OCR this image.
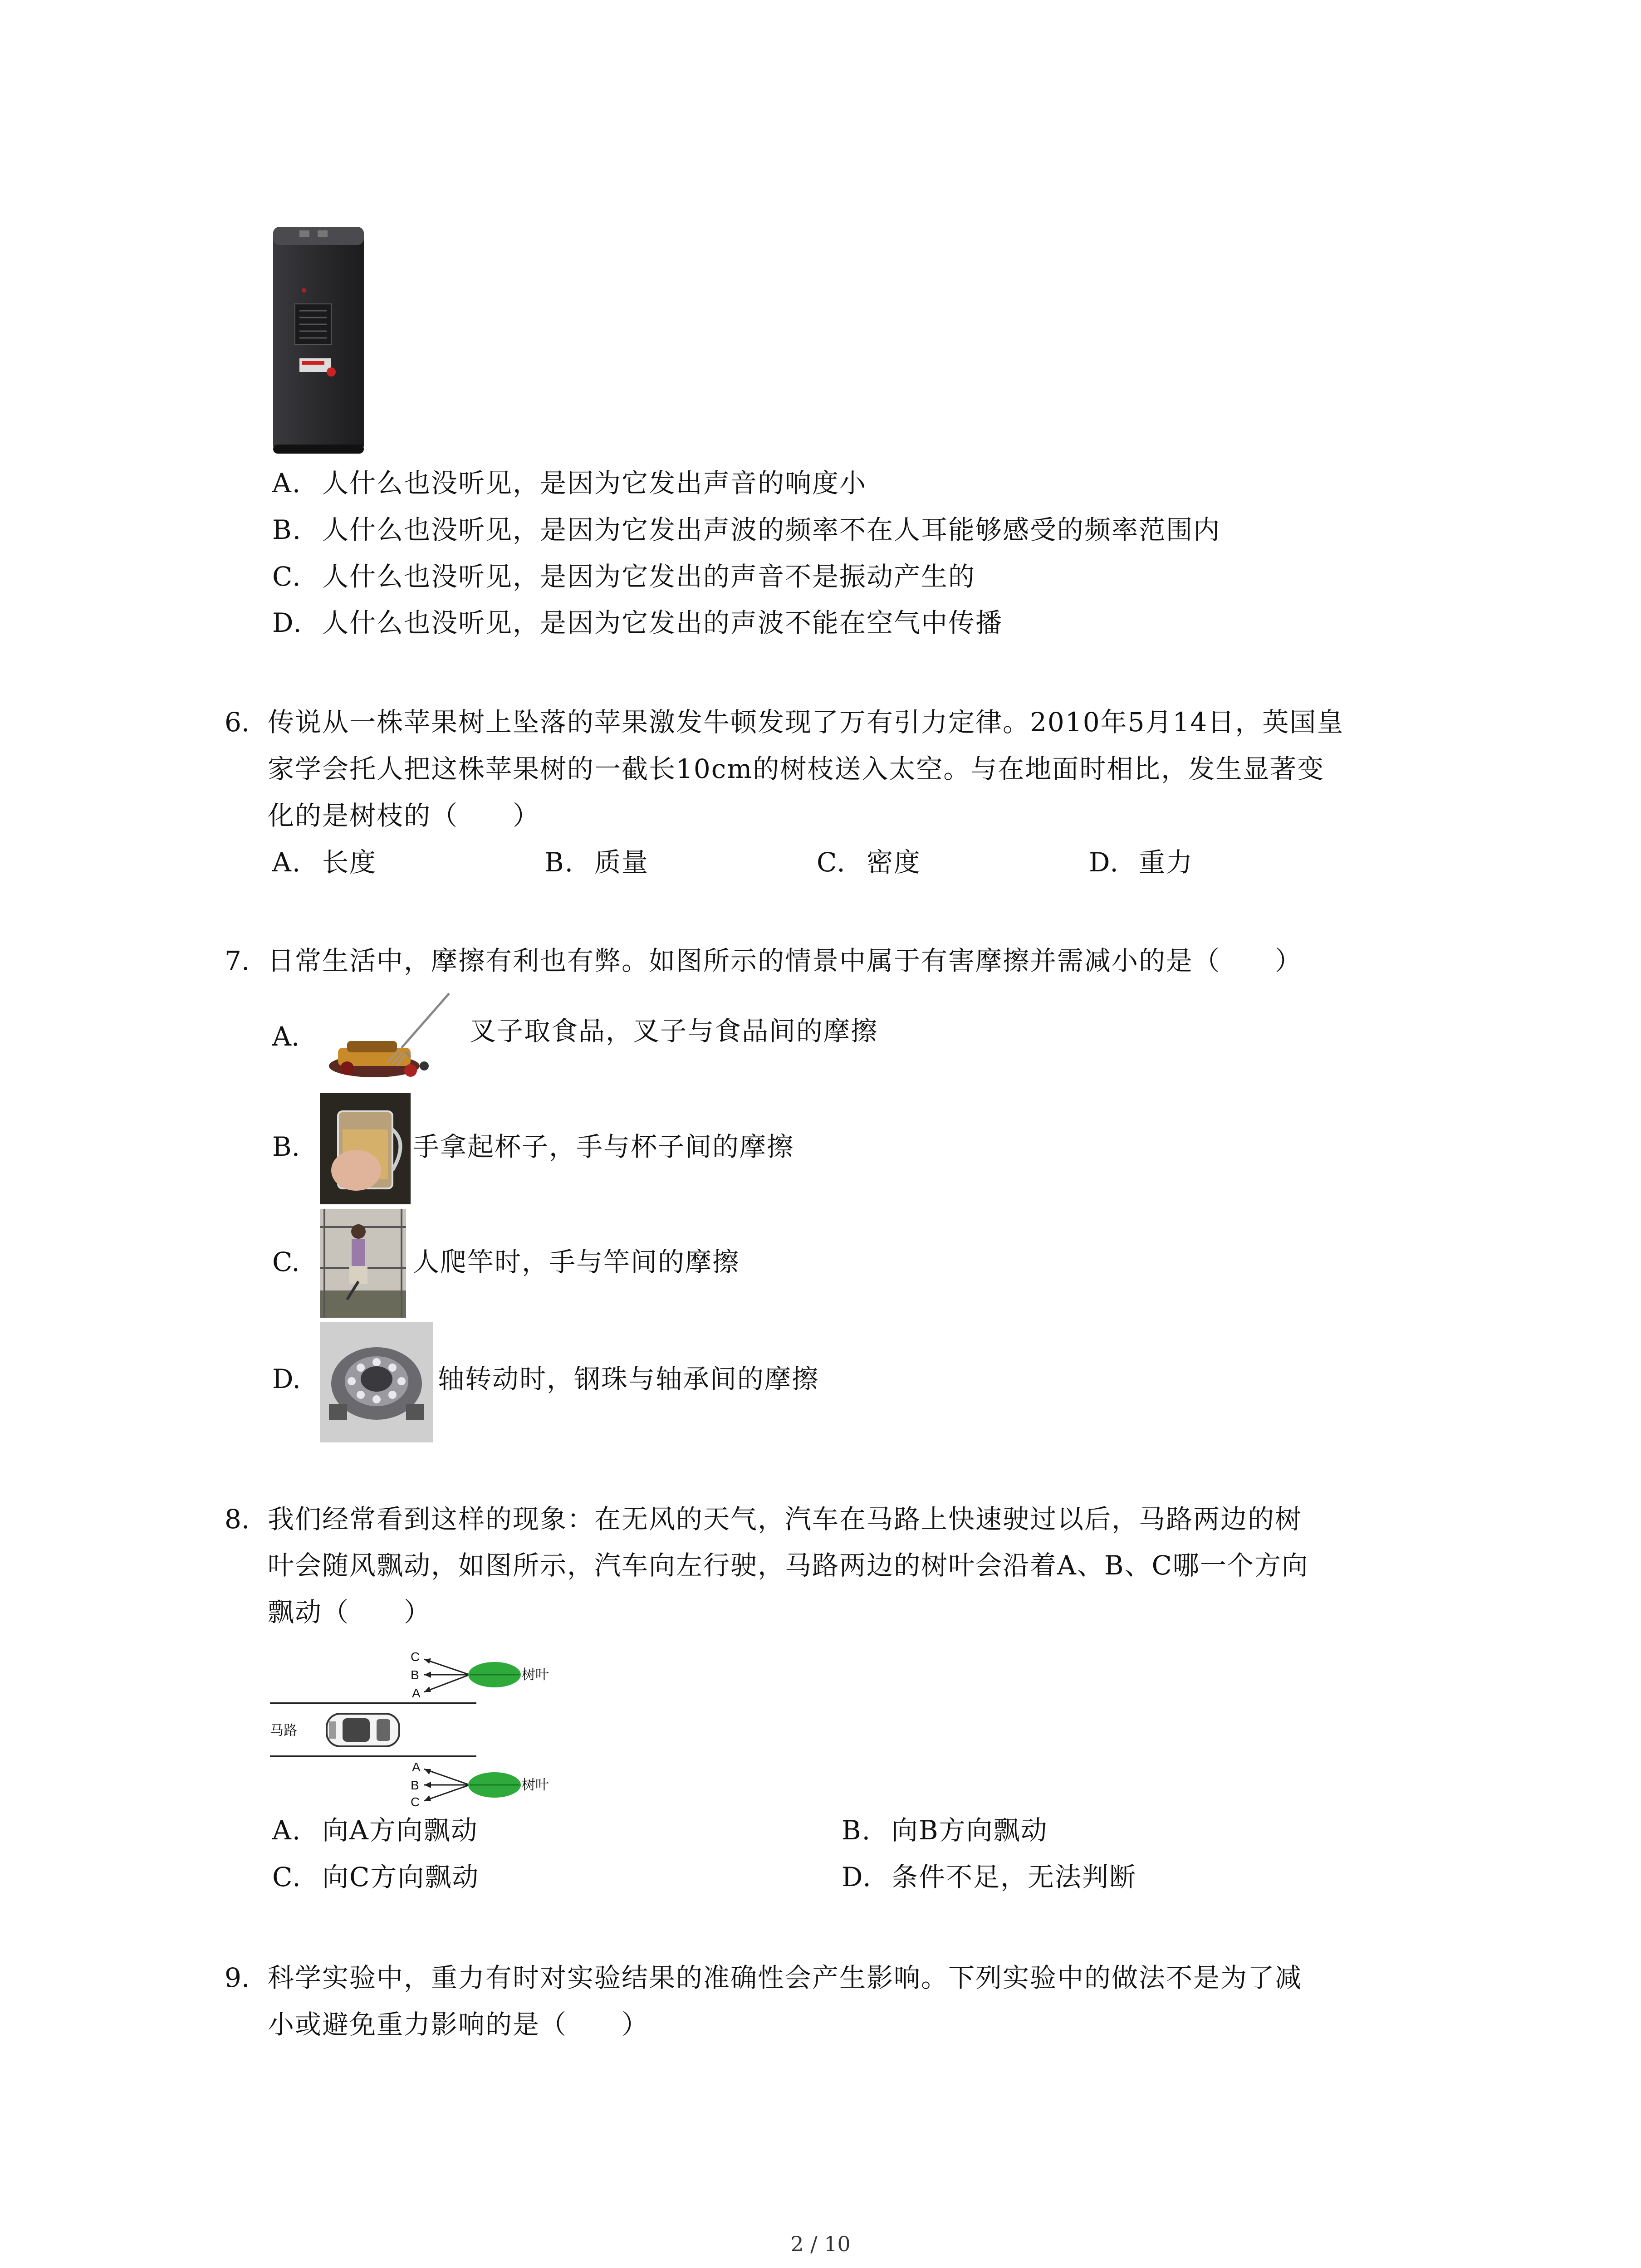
A. 人什么也没听见，是因为它发出声音的响度小
B. 人什么也没听见，是因为它发出声波的频率不在人耳能够感受的频率范围内
C. 人什么也没听见，是因为它发出的声音不是振动产生的
D. 人什么也没听见，是因为它发出的声波不能在空气中传播
6. 传说从一株苹果树上坠落的苹果激发牛顿发现了万有引力定律。2010年5月14日，英国皇
家学会托人把这株苹果树的一截长10cm的树枝送入太空。与在地面时相比，发生显著变
化的是树枝的（　　）
A. 长度	B. 质量	C. 密度	D. 重力
7. 日常生活中，摩擦有利也有弊。如图所示的情景中属于有害摩擦并需减小的是（　　）
A.	叉子取食品，叉子与食品间的摩擦
B.	手拿起杯子，手与杯子间的摩擦
C.	人爬竿时，手与竿间的摩擦
D.	轴转动时，钢珠与轴承间的摩擦
8. 我们经常看到这样的现象：在无风的天气，汽车在马路上快速驶过以后，马路两边的树
叶会随风飘动，如图所示，汽车向左行驶，马路两边的树叶会沿着A、B、C哪一个方向
飘动（　　）
马路
C
B
A
树叶
A
B
C
树叶
A. 向A方向飘动	B. 向B方向飘动
C. 向C方向飘动	D. 条件不足，无法判断
9. 科学实验中，重力有时对实验结果的准确性会产生影响。下列实验中的做法不是为了减
小或避免重力影响的是（　　）
2 / 10
